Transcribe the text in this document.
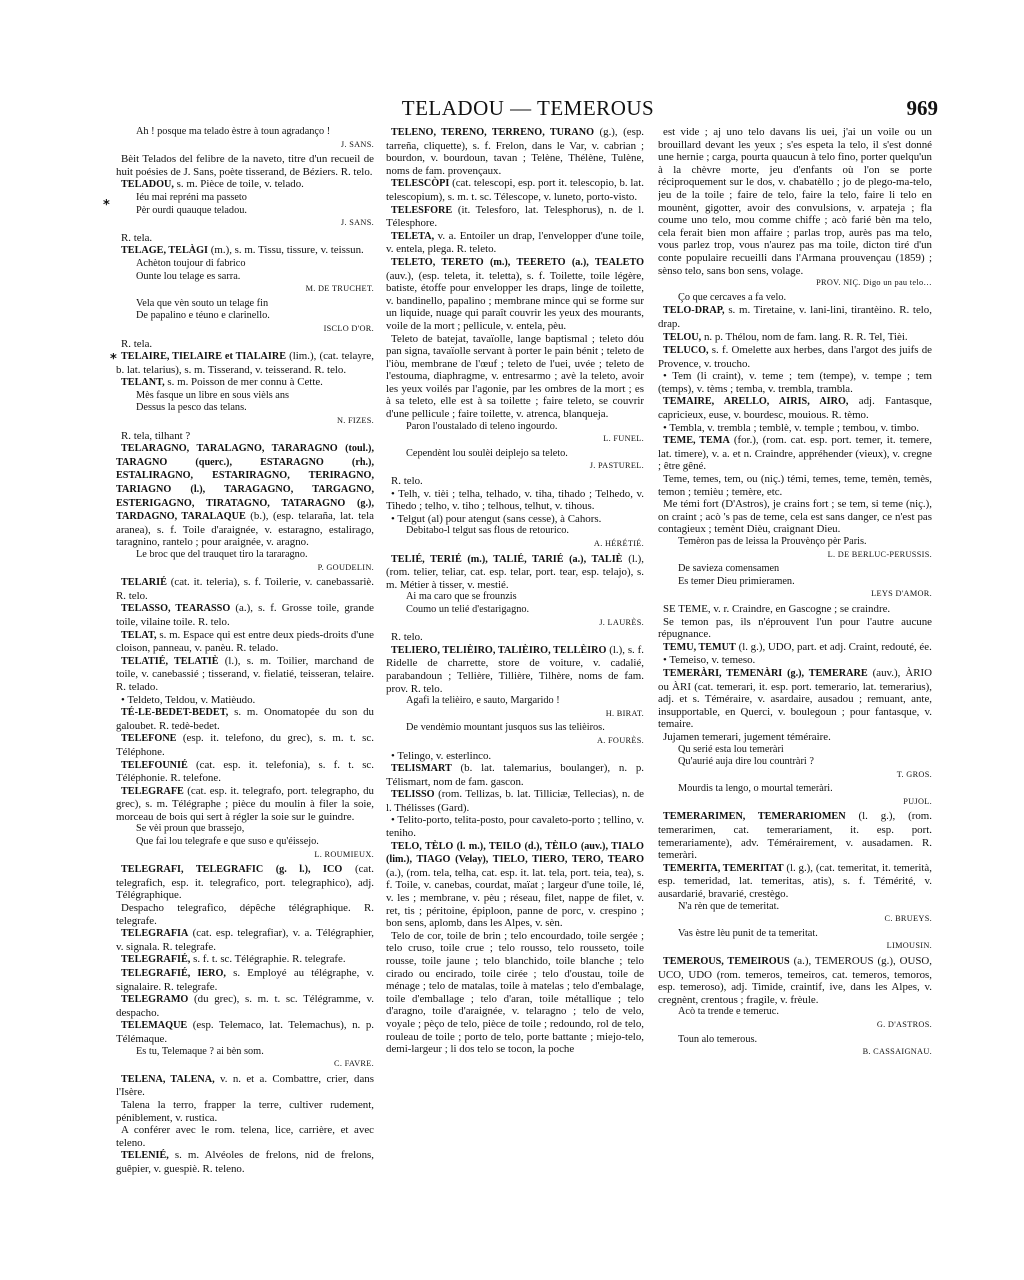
TELADOU — TEMEROUS	969

Ah ! posque ma telado èstre à toun agradanço !

J. SANS.

Bèit Telados del felibre de la naveto, titre d'un recueil de huit poésies de J. Sans, poète tisserand, de Béziers. R. telo.

TELADOU, s. m. Pièce de toile, v. telado.

Iéu mai repréni ma passeto

Pèr ourdi quauque teladou.

J. SANS.

R. tela.

TELAGE, TELÀGI (m.), s. m. Tissu, tissure, v. teissun.

Achèton toujour di fabrico

Ounte lou telage es sarra.

M. DE TRUCHET.

Vela que vèn souto un telage fin

De papalino e téuno e clarinello.

ISCLO D'OR.

R. tela.

TELAIRE, TIELAIRE et TIALAIRE (lim.), (cat. telayre, b. lat. telarius), s. m. Tisserand, v. teisserand. R. telo.

TELANT, s. m. Poisson de mer connu à Cette.

Mès fasque un libre en sous vièls ans

Dessus la pesco das telans.

N. FIZES.

R. tela, tilhant ?

TELARAGNO, TARALAGNO, TARARAGNO (toul.), TARAGNO (querc.), ESTARAGNO (rh.), ESTALIRAGNO, ESTARIRAGNO, TERIRAGNO, TARIAGNO (l.), TARAGAGNO, TARGAGNO, ESTERIGAGNO, TIRATAGNO, TATARAGNO (g.), TARDAGNO, TARALAQUE (b.), (esp. telaraña, lat. tela aranea), s. f. Toile d'araignée, v. estaragno, estalirago, taragnino, rantelo ; pour araignée, v. aragno.

Le broc que del trauquet tiro la tararagno.

P. GOUDELIN.

TELARIÉ (cat. it. teleria), s. f. Toilerie, v. canebassariè. R. telo.

TELASSO, TEARASSO (a.), s. f. Grosse toile, grande toile, vilaine toile. R. telo.

TELAT, s. m. Espace qui est entre deux pieds-droits d'une cloison, panneau, v. panèu. R. telado.

TELATIÉ, TELATIÈ (l.), s. m. Toilier, marchand de toile, v. canebassié ; tisserand, v. fielatié, teisseran, telaire. R. telado.

• Teldeto, Teldou, v. Matièudo.

TÉ-LE-BEDET-BEDET, s. m. Onomatopée du son du galoubet. R. tedè-bedet.

TELEFONE (esp. it. telefono, du grec), s. m. t. sc. Téléphone.

TELEFOUNIÉ (cat. esp. it. telefonia), s. f. t. sc. Téléphonie. R. telefone.

TELEGRAFE (cat. esp. it. telegrafo, port. telegrapho, du grec), s. m. Télégraphe ; pièce du moulin à filer la soie, morceau de bois qui sert à régler la soie sur le guindre.

Se vèi proun que brassejo,

Que fai lou telegrafe e que suso e qu'éissejo.

L. ROUMIEUX.

TELEGRAFI, TELEGRAFIC (g. l.), ICO (cat. telegrafich, esp. it. telegrafico, port. telegraphico), adj. Télégraphique.

Despacho telegrafico, dépêche télégraphique. R. telegrafe.

TELEGRAFIA (cat. esp. telegrafiar), v. a. Télégraphier, v. signala. R. telegrafe.

TELEGRAFIÉ, s. f. t. sc. Télégraphie. R. telegrafe.

TELEGRAFIÉ, IERO, s. Employé au télégraphe, v. signalaire. R. telegrafe.

TELEGRAMO (du grec), s. m. t. sc. Télégramme, v. despacho.

TELEMAQUE (esp. Telemaco, lat. Telemachus), n. p. Télémaque.

Es tu, Telemaque ? ai bèn som.

C. FAVRE.

TELENA, TALENA, v. n. et a. Combattre, crier, dans l'Isère.

Talena la terro, frapper la terre, cultiver rudement, péniblement, v. rustica.

A conférer avec le rom. telena, lice, carrière, et avec teleno.

TELENIÉ, s. m. Alvéoles de frelons, nid de frelons, guêpier, v. guespiè. R. teleno.

TELENO, TERENO, TERRENO, TURANO (g.), (esp. tarreña, cliquette), s. f. Frelon, dans le Var, v. cabrian ; bourdon, v. bourdoun, tavan ; Telène, Thélène, Tulène, noms de fam. provençaux.

TELESCÒPI (cat. telescopi, esp. port it. telescopio, b. lat. telescopium), s. m. t. sc. Télescope, v. luneto, porto-visto.

TELESFORE (it. Telesforo, lat. Telesphorus), n. de l. Télesphore.

TELETA, v. a. Entoiler un drap, l'envelopper d'une toile, v. entela, plega. R. teleto.

TELETO, TERETO (m.), TEERETO (a.), TEALETO (auv.), (esp. teleta, it. teletta), s. f. Toilette, toile légère, batiste, étoffe pour envelopper les draps, linge de toilette, v. bandinello, papalino ; membrane mince qui se forme sur un liquide, nuage qui paraît couvrir les yeux des mourants, voile de la mort ; pellicule, v. entela, pèu.

Teleto de batejat, tavaïolle, lange baptismal ; teleto dóu pan signa, tavaïolle servant à porter le pain bénit ; teleto de l'iòu, membrane de l'œuf ; teleto de l'uei, uvée ; teleto de l'estouma, diaphragme, v. entresarmo ; avè la teleto, avoir les yeux voilés par l'agonie, par les ombres de la mort ; es à sa teleto, elle est à sa toilette ; faire teleto, se couvrir d'une pellicule ; faire toilette, v. atrenca, blanqueja.

Paron l'oustalado di teleno ingourdo.

L. FUNEL.

Cependènt lou soulèi deiplejo sa teleto.

J. PASTUREL.

R. telo.

• Telh, v. tièi ; telha, telhado, v. tiha, tihado ; Telhedo, v. Tihedo ; telho, v. tiho ; telhous, telhut, v. tihous.

• Telgut (al) pour atengut (sans cesse), à Cahors.

Debitabo-l telgut sas flous de retourico.

A. HÉRÉTIÉ.

TELIÉ, TERIÉ (m.), TALIÉ, TARIÉ (a.), TALIÈ (l.), (rom. telier, teliar, cat. esp. telar, port. tear, esp. telajo), s. m. Métier à tisser, v. mestié.

Ai ma caro que se frounzis

Coumo un telié d'estarigagno.

J. LAURÈS.

R. telo.

TELIERO, TELIÈIRO, TALIÈIRO, TELLÈIRO (l.), s. f. Ridelle de charrette, store de voiture, v. cadalié, parabandoun ; Tellière, Tillière, Tilhère, noms de fam. prov. R. telo.

Agafi la telièiro, e sauto, Margarido !

H. BIRAT.

De vendèmio mountant jusquos sus las telièiros.

A. FOURÈS.

• Telingo, v. esterlinco.

TELISMART (b. lat. talemarius, boulanger), n. p. Télismart, nom de fam. gascon.

TELISSO (rom. Tellizas, b. lat. Tilliciæ, Tellecias), n. de l. Thélisses (Gard).

• Telito-porto, telita-posto, pour cavaleto-porto ; tellino, v. teniho.

TELO, TÈLO (l. m.), TEILO (d.), TÈILO (auv.), TIALO (lim.), TIAGO (Velay), TIELO, TIERO, TERO, TEARO (a.), (rom. tela, telha, cat. esp. it. lat. tela, port. teia, tea), s. f. Toile, v. canebas, courdat, maïat ; largeur d'une toile, lé, v. les ; membrane, v. pèu ; réseau, filet, nappe de filet, v. ret, tis ; péritoine, épiploon, panne de porc, v. crespino ; bon sens, aplomb, dans les Alpes, v. sèn.

Telo de cor, toile de brin ; telo encourdado, toile sergée ; telo cruso, toile crue ; telo rousso, telo rousseto, toile rousse, toile jaune ; telo blanchido, toile blanche ; telo cirado ou encirado, toile cirée ; telo d'oustau, toile de ménage ; telo de matalas, toile à matelas ; telo d'embalage, toile d'emballage ; telo d'aran, toile métallique ; telo d'aragno, toile d'araignée, v. telaragno ; telo de velo, voyale ; pèço de telo, pièce de toile ; redoundo, rol de telo, rouleau de toile ; porto de telo, porte battante ; miejo-telo, demi-largeur ; li dos telo se tocon, la poche

est vide ; aj uno telo davans lis uei, j'ai un voile ou un brouillard devant les yeux ; s'es espeta la telo, il s'est donné une hernie ; carga, pourta quaucun à telo fino, porter quelqu'un à la chèvre morte, jeu d'enfants où l'on se porte réciproquement sur le dos, v. chabatèllo ; jo de plego-ma-telo, jeu de la toile ; faire de telo, faire la telo, faire li telo en mounènt, gigotter, avoir des convulsions, v. arpateja ; fla coume uno telo, mou comme chiffe ; acò farié bèn ma telo, cela ferait bien mon affaire ; parlas trop, aurès pas ma telo, vous parlez trop, vous n'aurez pas ma toile, dicton tiré d'un conte populaire recueilli dans l'Armana prouvençau (1859) ; sènso telo, sans bon sens, volage.

PROV. NIÇ. Digo un pau telo…

Ço que cercaves a fa velo.

TELO-DRAP, s. m. Tiretaine, v. lani-lini, tirantèino. R. telo, drap.

TELOU, n. p. Thélou, nom de fam. lang. R. R. Tel, Tièi.

TELUCO, s. f. Omelette aux herbes, dans l'argot des juifs de Provence, v. troucho.

• Tem (li craint), v. teme ; tem (tempe), v. tempe ; tem (temps), v. tèms ; temba, v. trembla, trambla.

TEMAIRE, ARELLO, AIRIS, AIRO, adj. Fantasque, capricieux, euse, v. bourdesc, mouious. R. tèmo.

• Tembla, v. trembla ; temblè, v. temple ; tembou, v. timbo.

TEME, TEMA (for.), (rom. cat. esp. port. temer, it. temere, lat. timere), v. a. et n. Craindre, appréhender (vieux), v. cregne ; être gêné.

Teme, temes, tem, ou (niç.) témi, temes, teme, temèn, temès, temon ; temièu ; temère, etc.

Me témi fort (D'Astros), je crains fort ; se tem, si teme (niç.), on craint ; acò 's pas de teme, cela est sans danger, ce n'est pas contagieux ; temènt Dièu, craignant Dieu.

Temèron pas de leissa la Prouvènço pèr Paris.

L. DE BERLUC-PERUSSIS.

De savieza comensamen

Es temer Dieu primieramen.

LEYS D'AMOR.

SE TEME, v. r. Craindre, en Gascogne ; se craindre.

Se temon pas, ils n'éprouvent l'un pour l'autre aucune répugnance.

TEMU, TEMUT (l. g.), UDO, part. et adj. Craint, redouté, ée.

• Temeiso, v. temeso.

TEMERÀRI, TEMENÀRI (g.), TEMERARE (auv.), ÀRIO ou ÀRI (cat. temerari, it. esp. port. temerario, lat. temerarius), adj. et s. Téméraire, v. asardaire, ausadou ; remuant, ante, insupportable, en Querci, v. boulegoun ; pour fantasque, v. temaire.

Jujamen temerari, jugement téméraire.

Qu serié esta lou temeràri

Qu'aurié auja dire lou countràri ?

T. GROS.

Mourdis ta lengo, o mourtal temeràri.

PUJOL.

TEMERARIMEN, TEMERARIOMEN (l. g.), (rom. temerarimen, cat. temerariament, it. esp. port. temerariamente), adv. Témérairement, v. ausadamen. R. temeràri.

TEMERITA, TEMERITAT (l. g.), (cat. temeritat, it. temerità, esp. temeridad, lat. temeritas, atis), s. f. Témérité, v. ausardarié, bravarié, crestègo.

N'a rèn que de temeritat.

C. BRUEYS.

Vas èstre lèu punit de ta temeritat.

LIMOUSIN.

TEMEROUS, TEMEIROUS (a.), TEMEROUS (g.), OUSO, UCO, UDO (rom. temeros, temeiros, cat. temeros, temoros, esp. temeroso), adj. Timide, craintif, ive, dans les Alpes, v. cregnènt, crentous ; fragile, v. frèule.

Acò ta trende e temeruc.

G. D'ASTROS.

Toun alo temerous.

B. CASSAIGNAU.

*
*
